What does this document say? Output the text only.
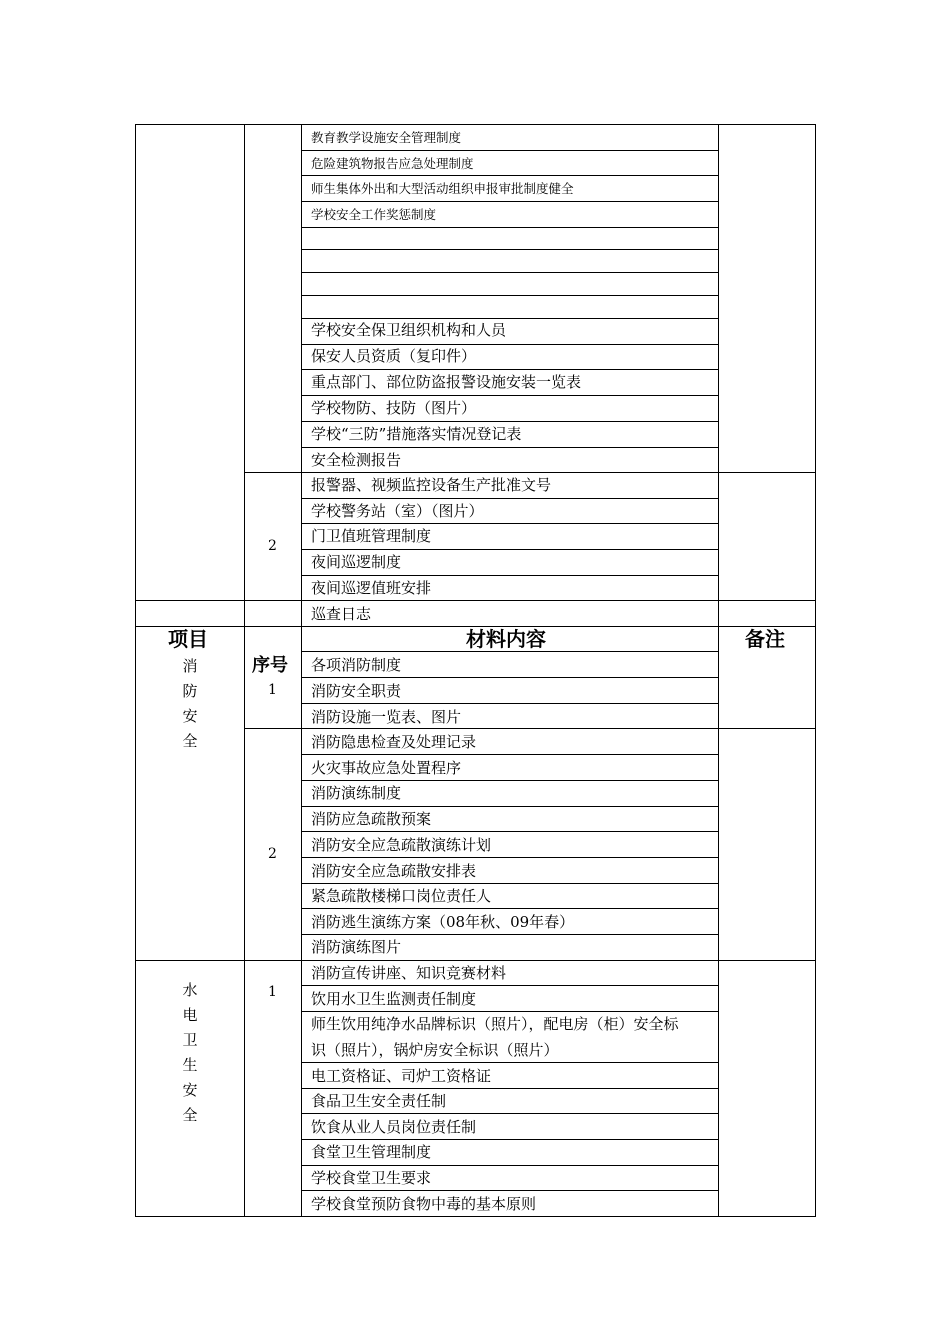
项目
序号
材料内容	备注
消
防
安
全
水
电
卫
生
安
全
2
1
2
1
教育教学设施安全管理制度
危险建筑物报告应急处理制度
师生集体外出和大型活动组织申报审批制度健全
学校安全工作奖惩制度
学校安全保卫组织机构和人员
保安人员资质（复印件）
重点部门、部位防盗报警设施安装一览表
学校物防、技防（图片）
学校“三防”措施落实情况登记表
安全检测报告
报警器、视频监控设备生产批准文号
学校警务站（室）（图片）
门卫值班管理制度
夜间巡逻制度
夜间巡逻值班安排
巡查日志
各项消防制度
消防安全职责
消防设施一览表、图片
消防隐患检查及处理记录
火灾事故应急处置程序
消防演练制度
消防应急疏散预案
消防安全应急疏散演练计划
消防安全应急疏散安排表
紧急疏散楼梯口岗位责任人
消防逃生演练方案（08年秋、09年春）
消防演练图片
消防宣传讲座、知识竞赛材料
饮用水卫生监测责任制度
师生饮用纯净水品牌标识（照片），配电房（柜）安全标
识（照片），锅炉房安全标识（照片）
电工资格证、司炉工资格证
食品卫生安全责任制
饮食从业人员岗位责任制
食堂卫生管理制度
学校食堂卫生要求
学校食堂预防食物中毒的基本原则
